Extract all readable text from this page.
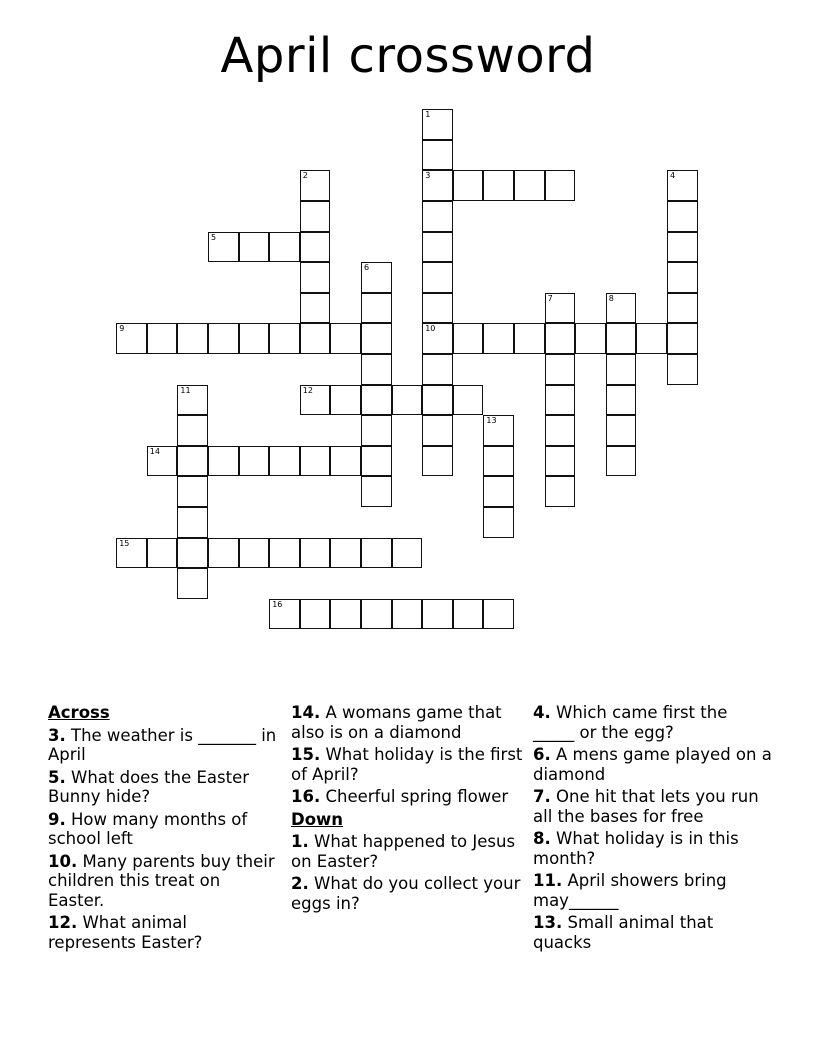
April crossword
1
3
10
2	4
5
6
7	8
9
11	12
13
14
15
16
Across
3. The weather is _______ in April
5. What does the Easter Bunny hide?
9. How many months of school left
10. Many parents buy their children this treat on Easter.
12. What animal represents Easter?
14. A womans game that also is on a diamond
15. What holiday is the first of April?
16. Cheerful spring flower
Down
1. What happened to Jesus on Easter?
2. What do you collect your eggs in?
4. Which came first the _____ or the egg?
6. A mens game played on a diamond
7. One hit that lets you run all the bases for free
8. What holiday is in this month?
11. April showers bring may______
13. Small animal that quacks
